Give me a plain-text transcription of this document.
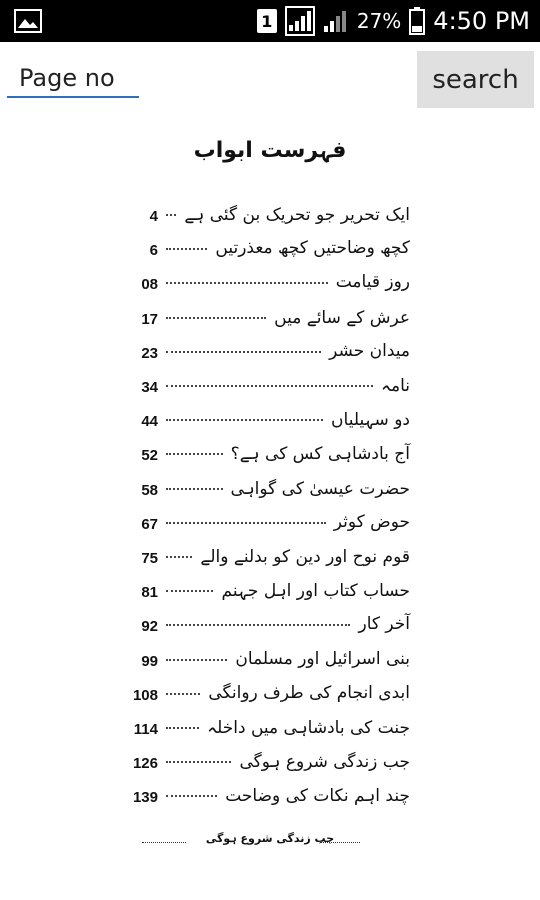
1	27% 4:50 PM
Page no
search
فہرست ابواب
4 ایک تحریر جو تحریک بن گئی ہے
6	کچھ وضاحتیں کچھ معذرتیں
08	روز قیامت
17	عرش کے سائے میں
23	میدان حشر
34	نامہ
44	دو سہیلیاں
52	آج بادشاہی کس کی ہے؟
58	حضرت عیسیٰ کی گواہی
67	حوض کوثر
75 قوم نوح اور دین کو بدلنے والے
81	حساب کتاب اور اہل جہنم
92	آخر کار
99	بنی اسرائیل اور مسلمان
108	ابدی انجام کی طرف روانگی
114	جنت کی بادشاہی میں داخلہ
126	جب زندگی شروع ہوگی
139	چند اہم نکات کی وضاحت
جب زندگی شروع ہوگی
